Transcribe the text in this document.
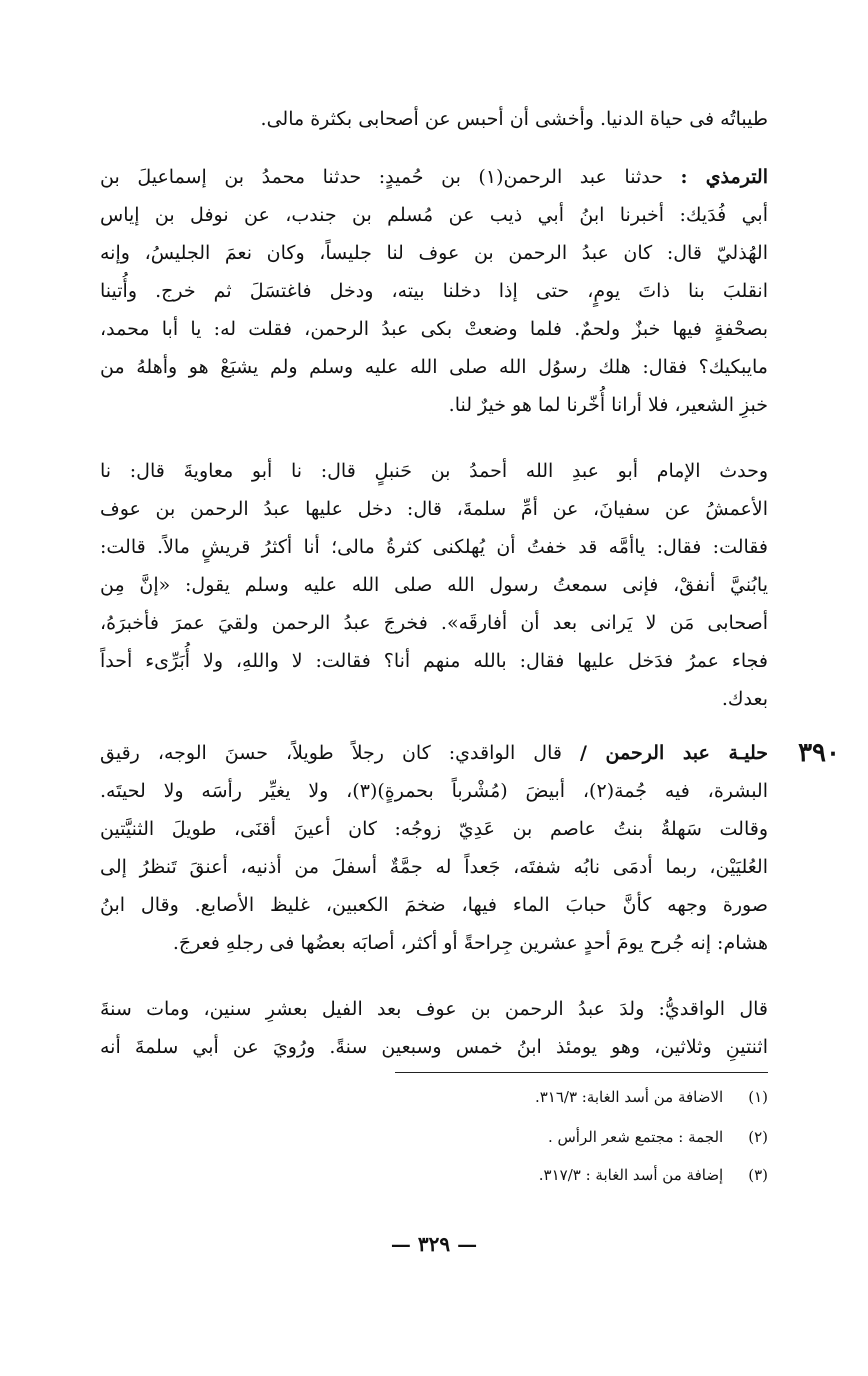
طيباتُه فى حياة الدنيا. وأخشى أن أحبس عن أصحابى بكثرة مالى.
الترمذي : حدثنا عبد الرحمن(١) بن حُميدٍ: حدثنا محمدُ بن إسماعيلَ بن
أبي فُدَيك: أخبرنا ابنُ أبي ذيب عن مُسلم بن جندب، عن نوفل بن إياس
الهُذليّ قال: كان عبدُ الرحمن بن عوف لنا جليساً، وكان نعمَ الجليسُ، وإنه
انقلبَ بنا ذاتَ يومٍ، حتى إذا دخلنا بيته، ودخل فاغتسَلَ ثم خرج. وأُتينا
بصحْفةٍ فيها خبزٌ ولحمٌ. فلما وضعتْ بكى عبدُ الرحمن، فقلت له: يا أبا محمد،
مايبكيك؟ فقال: هلك رسوُل الله صلى الله عليه وسلم ولم يشبَعْ هو وأهلهُ من
خبزِ الشعير، فلا أرانا أُخّرنا لما هو خيرٌ لنا.
وحدث الإمام أبو عبدِ الله أحمدُ بن حَنبلٍ قال: نا أبو معاويةَ قال: نا
الأعمشُ عن سفيانَ، عن أمِّ سلمةَ، قال: دخل عليها عبدُ الرحمن بن عوف
فقالت: فقال: ياأمَّه قد خفتُ أن يُهلكنى كثرةُ مالى؛ أنا أكثرُ قريشٍ مالاً. قالت:
يابُنيَّ أنفقْ، فإنى سمعتُ رسول الله صلى الله عليه وسلم يقول: «إنَّ مِن
أصحابى مَن لا يَرانى بعد أن أفارقَه». فخرجَ عبدُ الرحمن ولقيَ عمرَ فأخبرَهُ،
فجاء عمرُ فدَخل عليها فقال: بالله منهم أنا؟ فقالت: لا واللهِ، ولا أُبَرِّىء أحداً
بعدك.
٣٩٠
حليـة عبد الرحمن / قال الواقدي: كان رجلاً طويلاً، حسنَ الوجه، رقيق
البشرة، فيه جُمة(٢)، أبيضَ (مُشْرباً بحمرةٍ)(٣)، ولا يغيِّر رأسَه ولا لحيتَه.
وقالت سَهلةُ بنتُ عاصم بن عَدِيّ زوجُه: كان أعينَ أقنَى، طويلَ الثنيَّتين
العُليَيْن، ربما أدمَى نابُه شفتَه، جَعداً له جمَّةٌ أسفلَ من أذنيه، أعنقَ تَنظرُ إلى
صورة وجهه كأنَّ حبابَ الماء فيها، ضخمَ الكعبين، غليظ الأصابع. وقال ابنُ
هشام: إنه جُرح يومَ أحدٍ عشرين جِراحةً أو أكثر، أصابَه بعضُها فى رجلهِ فعرجَ.
قال الواقديُّ: ولدَ عبدُ الرحمن بن عوف بعد الفيل بعشرِ سنين، ومات سنةَ
اثنتينِ وثلاثين، وهو يومئذ ابنُ خمس وسبعين سنةً. ورُويَ عن أبي سلمةَ أنه
(١) الاضافة من أسد الغابة: ٣١٦/٣.
(٢) الجمة : مجتمع شعر الرأس .
(٣) إضافة من أسد الغابة : ٣١٧/٣.
— ٣٢٩ —
